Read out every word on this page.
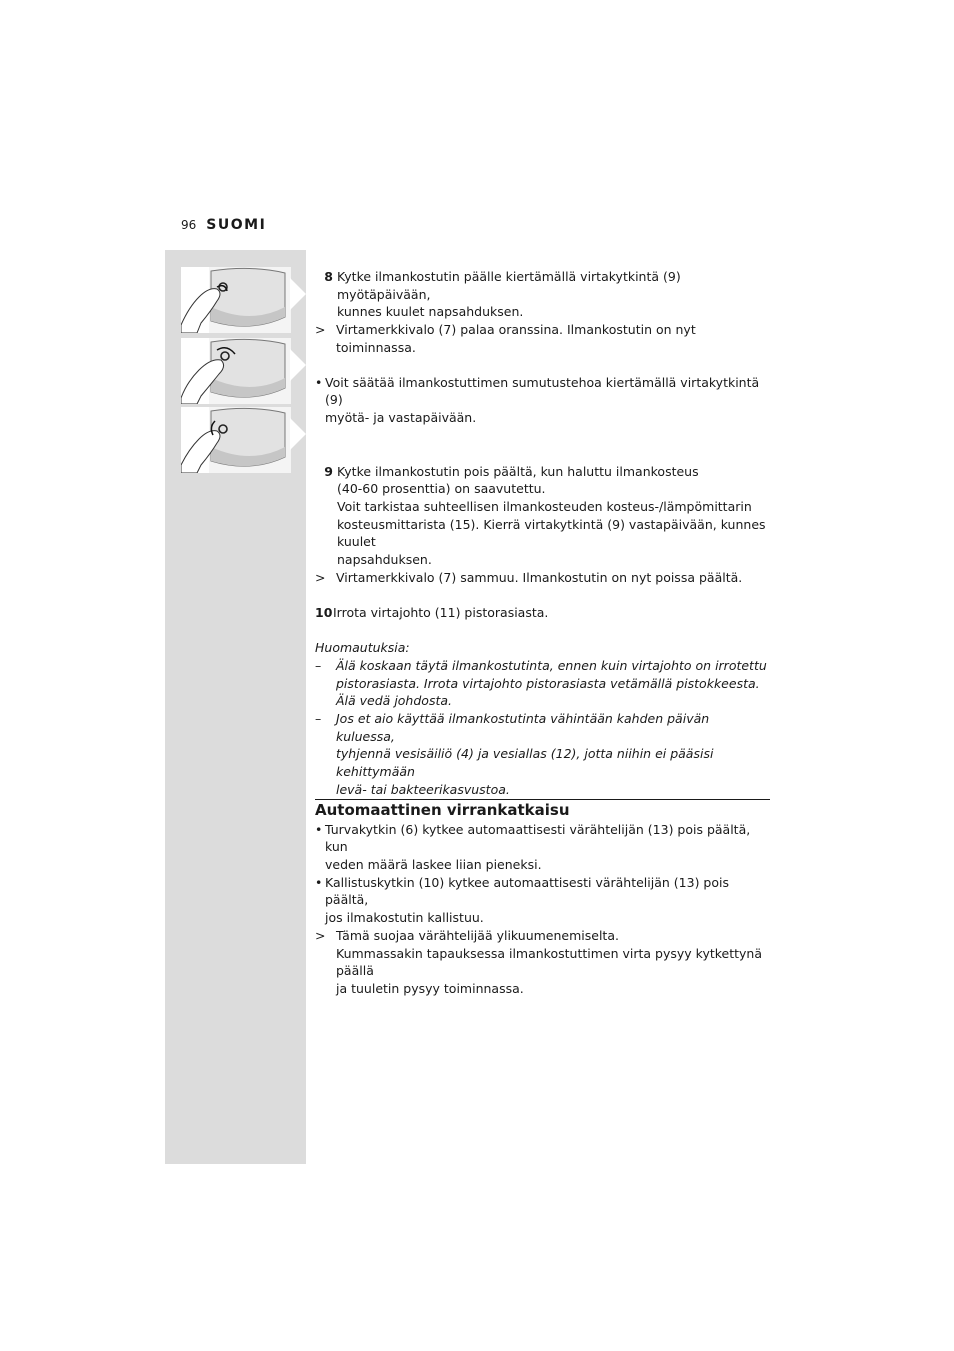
96 SUOMI
8 Kytke ilmankostutin päälle kiertämällä virtakytkintä (9) myötäpäivään,
kunnes kuulet napsahduksen.
> Virtamerkkivalo (7) palaa oranssina. Ilmankostutin on nyt toiminnassa.
• Voit säätää ilmankostuttimen sumutustehoa kiertämällä virtakytkintä (9)
myötä- ja vastapäivään.
9 Kytke ilmankostutin pois päältä, kun haluttu ilmankosteus
(40-60 prosenttia) on saavutettu.
Voit tarkistaa suhteellisen ilmankosteuden kosteus-/lämpömittarin
kosteusmittarista (15). Kierrä virtakytkintä (9) vastapäivään, kunnes kuulet
napsahduksen.
> Virtamerkkivalo (7) sammuu. Ilmankostutin on nyt poissa päältä.
10 Irrota virtajohto (11) pistorasiasta.
Huomautuksia:
–	Älä koskaan täytä ilmankostutinta, ennen kuin virtajohto on irrotettu
pistorasiasta. Irrota virtajohto pistorasiasta vetämällä pistokkeesta.
Älä vedä johdosta.
–	Jos et aio käyttää ilmankostutinta vähintään kahden päivän kuluessa,
tyhjennä vesisäiliö (4) ja vesiallas (12), jotta niihin ei pääsisi kehittymään
levä- tai bakteerikasvustoa.
Automaattinen virrankatkaisu
• Turvakytkin (6) kytkee automaattisesti värähtelijän (13) pois päältä, kun
veden määrä laskee liian pieneksi.
• Kallistuskytkin (10) kytkee automaattisesti värähtelijän (13) pois päältä,
jos ilmakostutin kallistuu.
> Tämä suojaa värähtelijää ylikuumenemiselta.
Kummassakin tapauksessa ilmankostuttimen virta pysyy kytkettynä päällä
ja tuuletin pysyy toiminnassa.
